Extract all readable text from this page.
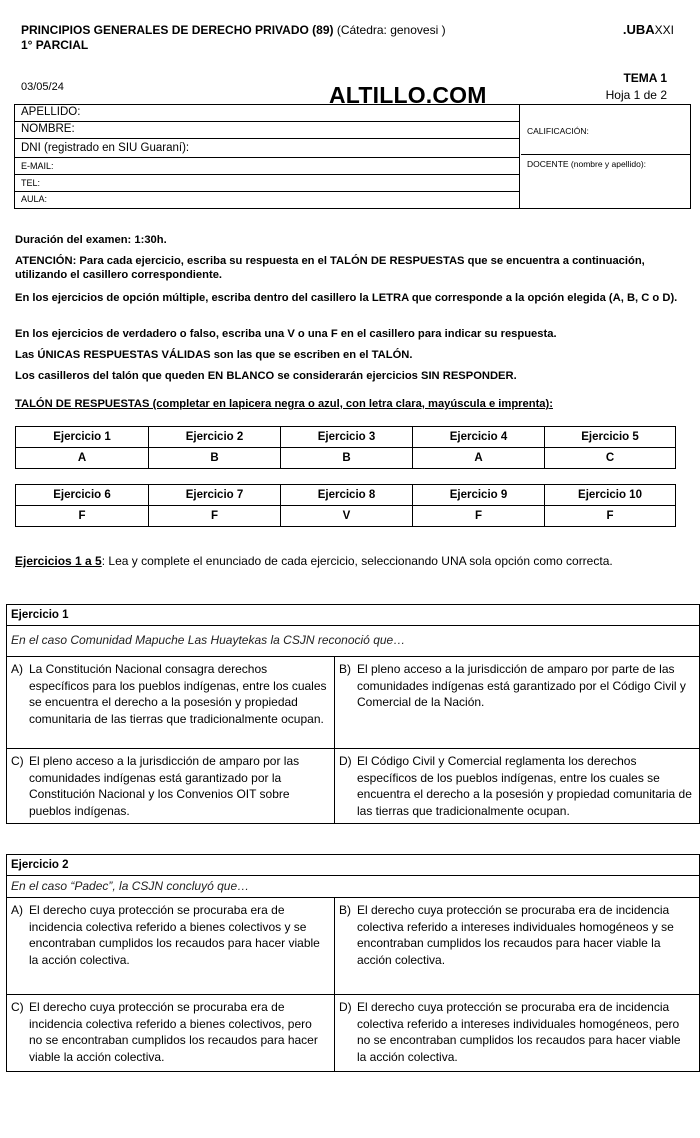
PRINCIPIOS GENERALES DE DERECHO PRIVADO (89) (Cátedra: genovesi )
1° PARCIAL
.UBAXXI
03/05/24	ALTILLO.COM
TEMA 1
Hoja 1 de 2
APELLIDO:
NOMBRE:
DNI (registrado en SIU Guaraní):
E-MAIL:
TEL:
AULA:
CALIFICACIÓN:
DOCENTE (nombre y apellido):
Duración del examen: 1:30h.
ATENCIÓN: Para cada ejercicio, escriba su respuesta en el TALÓN DE RESPUESTAS que se encuentra a continuación, utilizando el casillero correspondiente.
En los ejercicios de opción múltiple, escriba dentro del casillero la LETRA que corresponde a la opción elegida (A, B, C o D).
En los ejercicios de verdadero o falso, escriba una V o una F en el casillero para indicar su respuesta.
Las ÚNICAS RESPUESTAS VÁLIDAS son las que se escriben en el TALÓN.
Los casilleros del talón que queden EN BLANCO se considerarán ejercicios SIN RESPONDER.
TALÓN DE RESPUESTAS (completar en lapicera negra o azul, con letra clara, mayúscula e imprenta):
Ejercicio 1	Ejercicio 2	Ejercicio 3	Ejercicio 4	Ejercicio 5
A	B	B	A	C
Ejercicio 6	Ejercicio 7	Ejercicio 8	Ejercicio 9	Ejercicio 10
F	F	V	F	F
Ejercicios 1 a 5: Lea y complete el enunciado de cada ejercicio, seleccionando UNA sola opción como correcta.
Ejercicio 1
En el caso Comunidad Mapuche Las Huaytekas la CSJN reconoció que…
A) La Constitución Nacional consagra derechos específicos para los pueblos indígenas, entre los cuales se encuentra el derecho a la posesión y propiedad comunitaria de las tierras que tradicionalmente ocupan.
B) El pleno acceso a la jurisdicción de amparo por parte de las comunidades indígenas está garantizado por el Código Civil y Comercial de la Nación.
C) El pleno acceso a la jurisdicción de amparo por las comunidades indígenas está garantizado por la Constitución Nacional y los Convenios OIT sobre pueblos indígenas.
D) El Código Civil y Comercial reglamenta los derechos específicos de los pueblos indígenas, entre los cuales se encuentra el derecho a la posesión y propiedad comunitaria de las tierras que tradicionalmente ocupan.
Ejercicio 2
En el caso “Padec”, la CSJN concluyó que…
A) El derecho cuya protección se procuraba era de incidencia colectiva referido a bienes colectivos y se encontraban cumplidos los recaudos para hacer viable la acción colectiva.
B) El derecho cuya protección se procuraba era de incidencia colectiva referido a intereses individuales homogéneos y se encontraban cumplidos los recaudos para hacer viable la acción colectiva.
C) El derecho cuya protección se procuraba era de incidencia colectiva referido a bienes colectivos, pero no se encontraban cumplidos los recaudos para hacer viable la acción colectiva.
D) El derecho cuya protección se procuraba era de incidencia colectiva referido a intereses individuales homogéneos, pero no se encontraban cumplidos los recaudos para hacer viable la acción colectiva.
